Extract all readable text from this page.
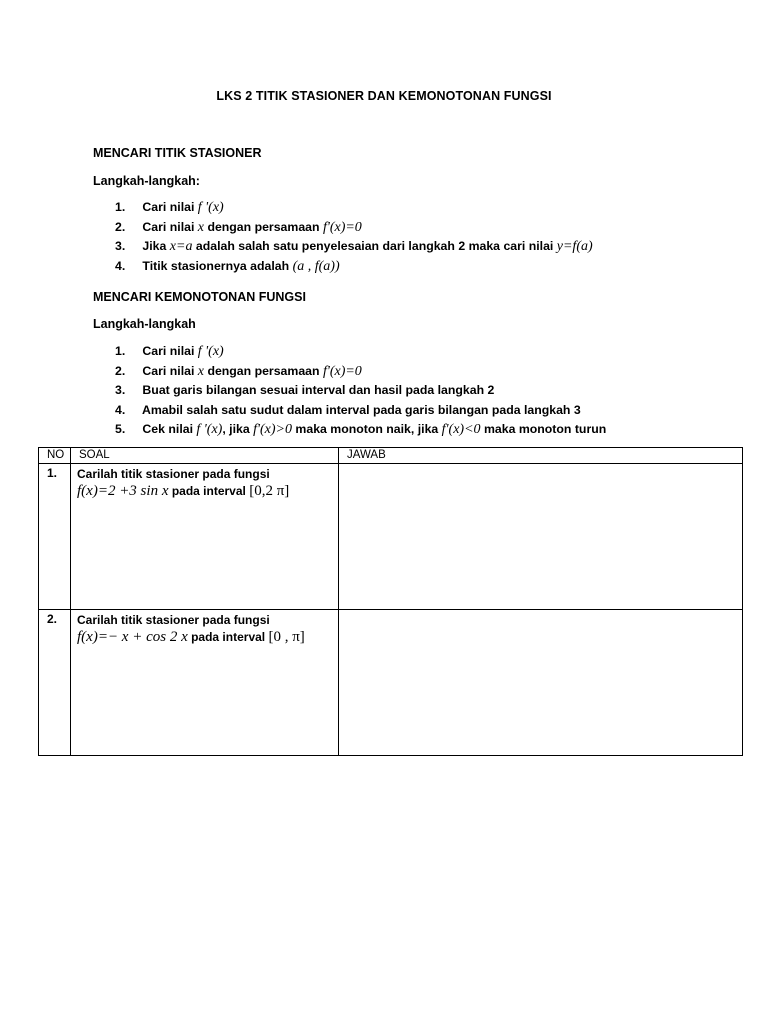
LKS 2 TITIK STASIONER DAN KEMONOTONAN FUNGSI
MENCARI TITIK STASIONER
Langkah-langkah:
1. Cari nilai f '(x)
2. Cari nilai x dengan persamaan f'(x)=0
3. Jika x=a adalah salah satu penyelesaian dari langkah 2 maka cari nilai y=f(a)
4. Titik stasionernya adalah (a , f(a))
MENCARI KEMONOTONAN FUNGSI
Langkah-langkah
1. Cari nilai f '(x)
2. Cari nilai x dengan persamaan f'(x)=0
3. Buat garis bilangan sesuai interval dan hasil pada langkah 2
4. Amabil salah satu sudut dalam interval pada garis bilangan pada langkah 3
5. Cek nilai f '(x), jika f'(x)>0 maka monoton naik, jika f'(x)<0 maka monoton turun
NO	SOAL	JAWAB
1.	Carilah titik stasioner pada fungsi
f(x)=2 +3 sin x pada interval [0,2 π]	

2.	Carilah titik stasioner pada fungsi
f(x)=− x + cos 2 x pada interval [0 , π]	
